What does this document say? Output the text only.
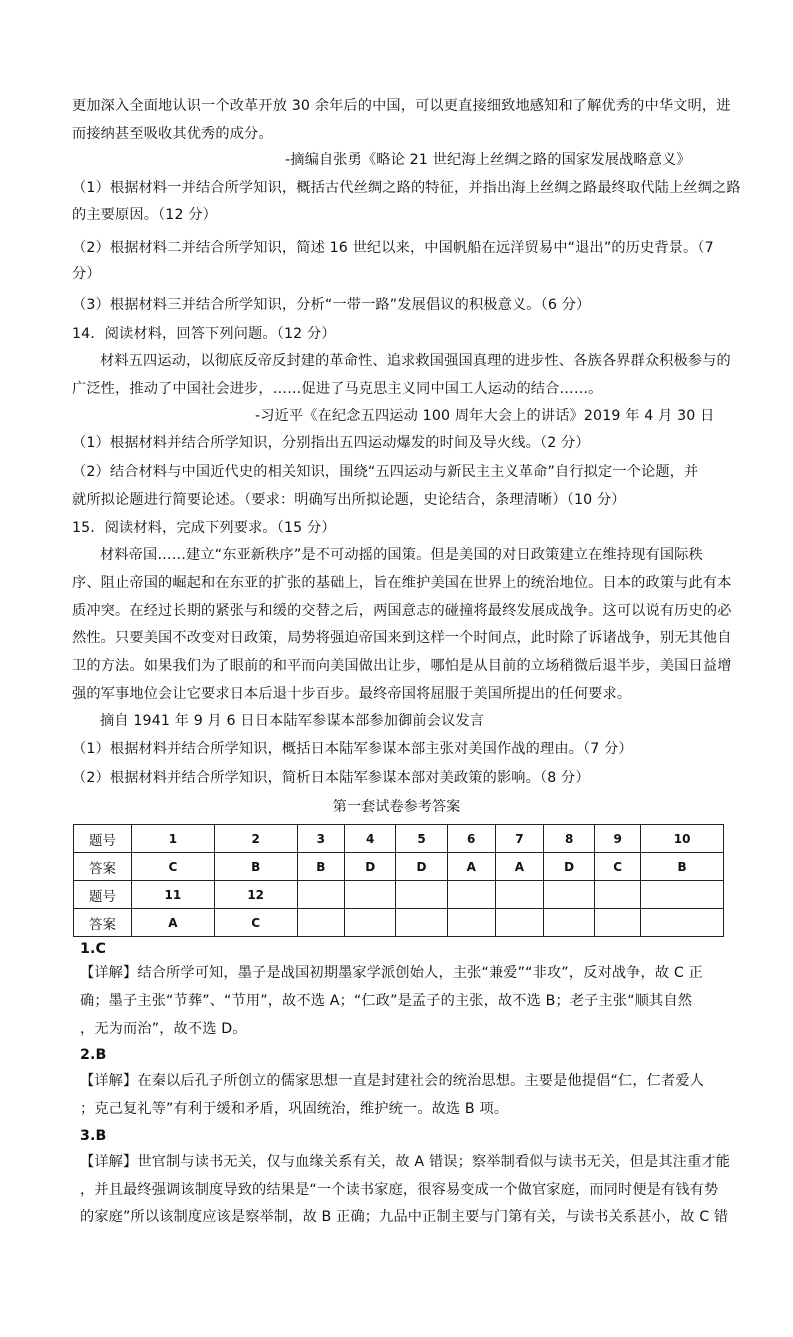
更加深入全面地认识一个改革开放 30 余年后的中国，可以更直接细致地感知和了解优秀的中华文明，进
而接纳甚至吸收其优秀的成分。
-摘编自张勇《略论 21 世纪海上丝绸之路的国家发展战略意义》
（1）根据材料一并结合所学知识，概括古代丝绸之路的特征，并指出海上丝绸之路最终取代陆上丝绸之路
的主要原因。（12 分）
（2）根据材料二并结合所学知识，简述 16 世纪以来，中国帆船在远洋贸易中“退出”的历史背景。（7
分）
（3）根据材料三并结合所学知识，分析“一带一路”发展倡议的积极意义。（6 分）
14．阅读材料，回答下列问题。（12 分）
材料五四运动，以彻底反帝反封建的革命性、追求救国强国真理的进步性、各族各界群众积极参与的
广泛性，推动了中国社会进步，……促进了马克思主义同中国工人运动的结合……。
-习近平《在纪念五四运动 100 周年大会上的讲话》2019 年 4 月 30 日
（1）根据材料并结合所学知识，分别指出五四运动爆发的时间及导火线。（2 分）
（2）结合材料与中国近代史的相关知识，围绕“五四运动与新民主主义革命”自行拟定一个论题，并
就所拟论题进行简要论述。（要求：明确写出所拟论题，史论结合，条理清晰）（10 分）
15．阅读材料，完成下列要求。（15 分）
材料帝国……建立“东亚新秩序”是不可动摇的国策。但是美国的对日政策建立在维持现有国际秩
序、阻止帝国的崛起和在东亚的扩张的基础上，旨在维护美国在世界上的统治地位。日本的政策与此有本
质冲突。在经过长期的紧张与和缓的交替之后，两国意志的碰撞将最终发展成战争。这可以说有历史的必
然性。只要美国不改变对日政策，局势将强迫帝国来到这样一个时间点，此时除了诉诸战争，别无其他自
卫的方法。如果我们为了眼前的和平而向美国做出让步，哪怕是从目前的立场稍微后退半步，美国日益增
强的军事地位会让它要求日本后退十步百步。最终帝国将屈服于美国所提出的任何要求。
摘自 1941 年 9 月 6 日日本陆军参谋本部参加御前会议发言
（1）根据材料并结合所学知识，概括日本陆军参谋本部主张对美国作战的理由。（7 分）
（2）根据材料并结合所学知识，简析日本陆军参谋本部对美政策的影响。（8 分）
1.C
【详解】结合所学可知，墨子是战国初期墨家学派创始人，主张“兼爱”“非攻”，反对战争，故 C 正
确；墨子主张“节葬”、“节用”，故不选 A；“仁政”是孟子的主张，故不选 B；老子主张“顺其自然
，无为而治”，故不选 D。
2.B
【详解】在秦以后孔子所创立的儒家思想一直是封建社会的统治思想。主要是他提倡“仁，仁者爱人
；克己复礼等”有利于缓和矛盾，巩固统治，维护统一。故选 B 项。
3.B
【详解】世官制与读书无关，仅与血缘关系有关，故 A 错误；察举制看似与读书无关，但是其注重才能
，并且最终强调该制度导致的结果是“一个读书家庭，很容易变成一个做官家庭，而同时便是有钱有势
的家庭”所以该制度应该是察举制，故 B 正确；九品中正制主要与门第有关，与读书关系甚小，故 C 错
第一套试卷参考答案
题号	1	2	3	4	5	6	7	8	9	10
答案	C	B	B	D	D	A	A	D	C	B
题号	11	12								
答案	A	C								
